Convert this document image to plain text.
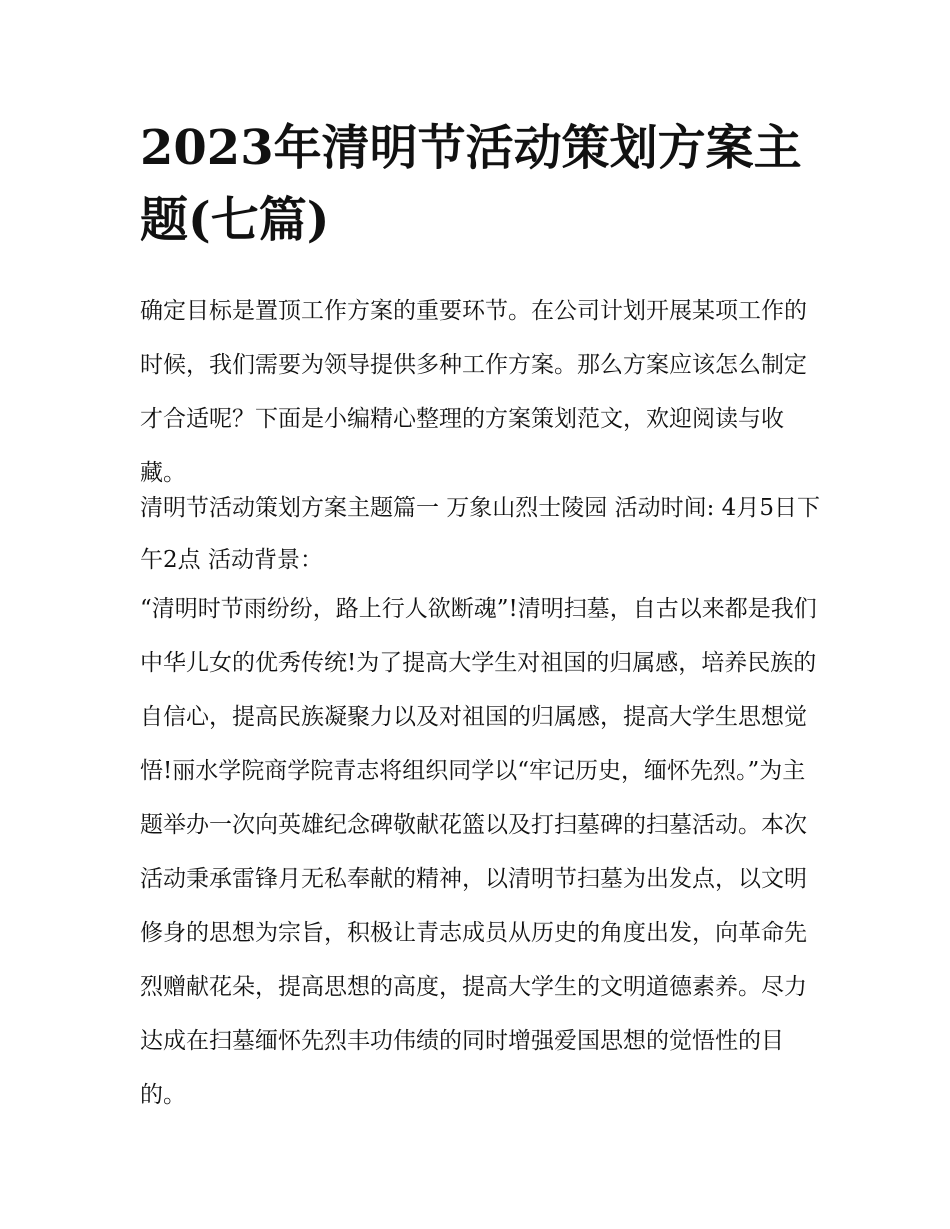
2023年清明节活动策划方案主题(七篇)

确定目标是置顶工作方案的重要环节。在公司计划开展某项工作的时候，我们需要为领导提供多种工作方案。那么方案应该怎么制定才合适呢？下面是小编精心整理的方案策划范文，欢迎阅读与收藏。

清明节活动策划方案主题篇一 万象山烈士陵园 活动时间: 4月5日下午2点 活动背景：

“清明时节雨纷纷，路上行人欲断魂”!清明扫墓，自古以来都是我们中华儿女的优秀传统!为了提高大学生对祖国的归属感，培养民族的自信心，提高民族凝聚力以及对祖国的归属感，提高大学生思想觉悟!丽水学院商学院青志将组织同学以“牢记历史，缅怀先烈。”为主题举办一次向英雄纪念碑敬献花篮以及打扫墓碑的扫墓活动。本次活动秉承雷锋月无私奉献的精神，以清明节扫墓为出发点，以文明修身的思想为宗旨，积极让青志成员从历史的角度出发，向革命先烈赠献花朵，提高思想的高度，提高大学生的文明道德素养。尽力达成在扫墓缅怀先烈丰功伟绩的同时增强爱国思想的觉悟性的目的。
